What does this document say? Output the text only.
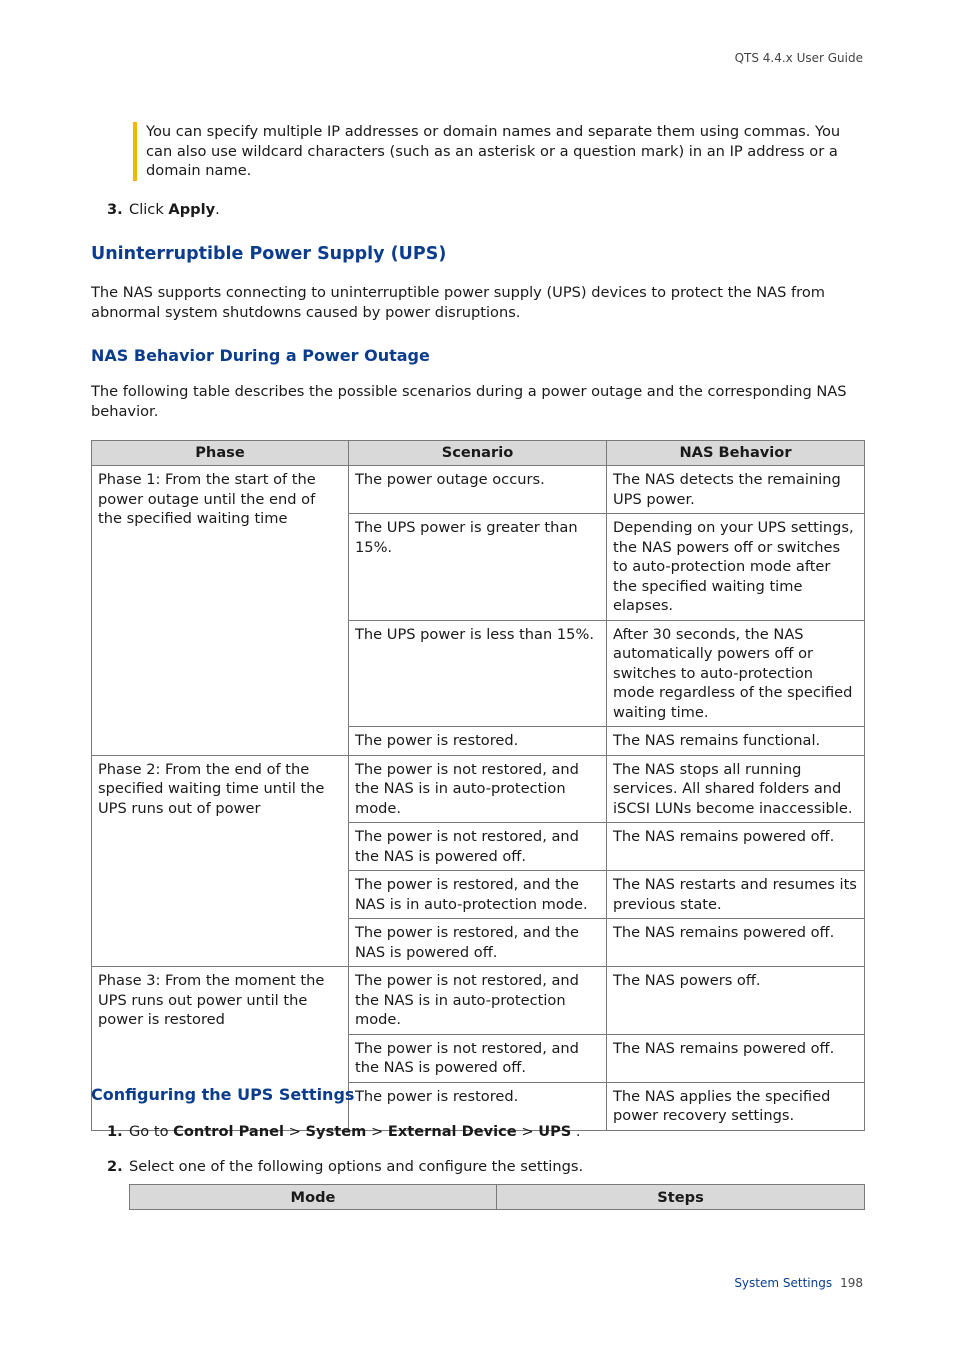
QTS 4.4.x User Guide
You can specify multiple IP addresses or domain names and separate them using commas. You can also use wildcard characters (such as an asterisk or a question mark) in an IP address or a domain name.
3. Click Apply.
Uninterruptible Power Supply (UPS)
The NAS supports connecting to uninterruptible power supply (UPS) devices to protect the NAS from abnormal system shutdowns caused by power disruptions.
NAS Behavior During a Power Outage
The following table describes the possible scenarios during a power outage and the corresponding NAS behavior.
Phase	Scenario	NAS Behavior
Phase 1: From the start of the power outage until the end of the specified waiting time	The power outage occurs.	The NAS detects the remaining UPS power.
	The UPS power is greater than 15%.	Depending on your UPS settings, the NAS powers off or switches to auto-protection mode after the specified waiting time elapses.
	The UPS power is less than 15%.	After 30 seconds, the NAS automatically powers off or switches to auto-protection mode regardless of the specified waiting time.
	The power is restored.	The NAS remains functional.
Phase 2: From the end of the specified waiting time until the UPS runs out of power	The power is not restored, and the NAS is in auto-protection mode.	The NAS stops all running services. All shared folders and iSCSI LUNs become inaccessible.
	The power is not restored, and the NAS is powered off.	The NAS remains powered off.
	The power is restored, and the NAS is in auto-protection mode.	The NAS restarts and resumes its previous state.
	The power is restored, and the NAS is powered off.	The NAS remains powered off.
Phase 3: From the moment the UPS runs out power until the power is restored	The power is not restored, and the NAS is in auto-protection mode.	The NAS powers off.
	The power is not restored, and the NAS is powered off.	The NAS remains powered off.
	The power is restored.	The NAS applies the specified power recovery settings.
Configuring the UPS Settings
1. Go to Control Panel > System > External Device > UPS .
2. Select one of the following options and configure the settings.
Mode	Steps
System Settings 198
